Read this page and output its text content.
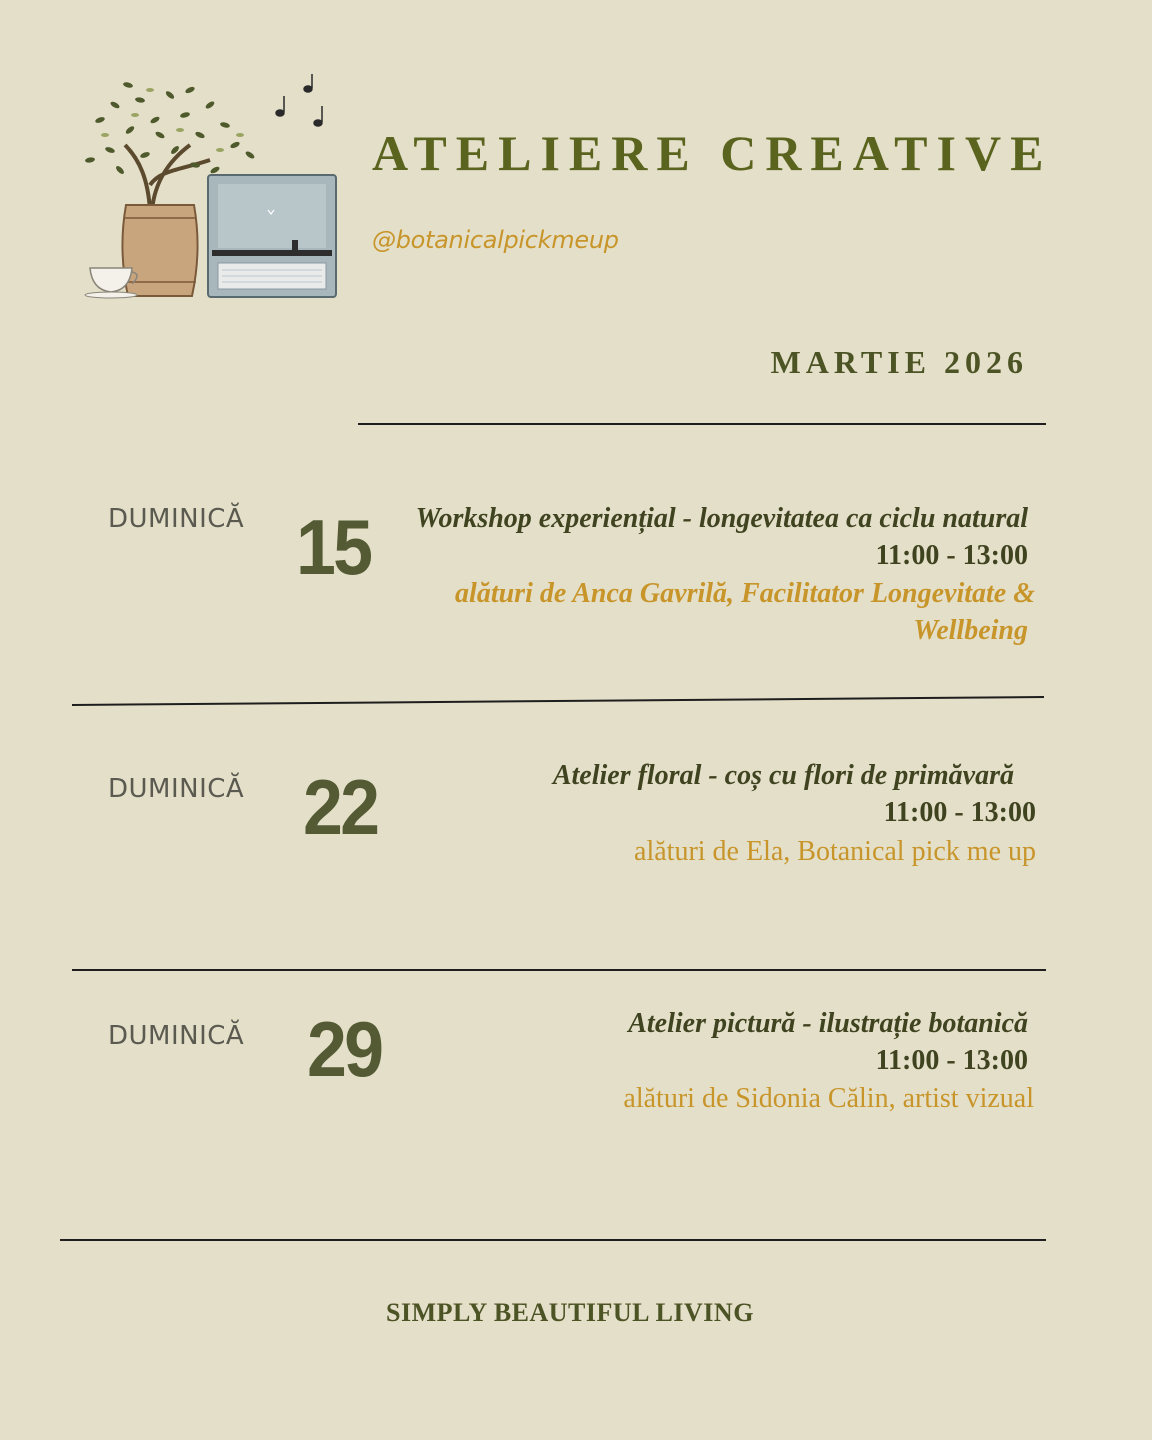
ATELIERE CREATIVE
@botanicalpickmeup
MARTIE 2026
DUMINICĂ 15 Workshop experiențial - longevitatea ca ciclu natural
11:00 - 13:00
alături de Anca Gavrilă, Facilitator Longevitate &
Wellbeing
DUMINICĂ 22	Atelier floral - coș cu flori de primăvară
11:00 - 13:00
alături de Ela, Botanical pick me up
DUMINICĂ 29	Atelier pictură - ilustrație botanică
11:00 - 13:00
alături de Sidonia Călin, artist vizual
SIMPLY BEAUTIFUL LIVING
